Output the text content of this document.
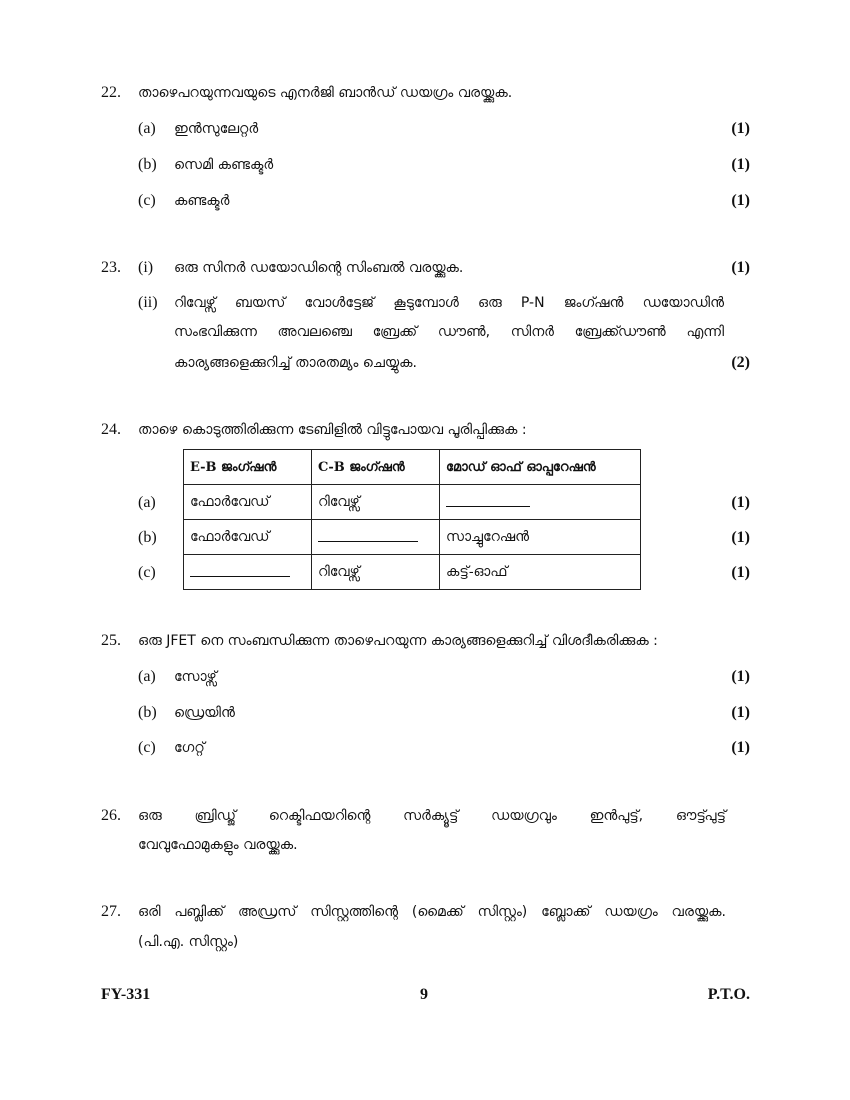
22. താഴെപറയുന്നവയുടെ എനർജി ബാൻഡ് ഡയഗ്രം വരയ്ക്കുക.
(a) ഇൻസുലേറ്റർ	(1)
(b) സെമി കണ്ടക്ടർ	(1)
(c) കണ്ടക്ടർ	(1)
23. (i) ഒരു സിനർ ഡയോഡിന്റെ സിംബൽ വരയ്ക്കുക.	(1)
(ii) റിവേഴ്സ് ബയസ് വോൾട്ടേജ് കൂടുമ്പോൾ ഒരു P-N ജംഗ്ഷൻ ഡയോഡിൻ
സംഭവിക്കുന്ന അവലഞ്ചെ ബ്രേക്ക് ഡൗൺ, സിനർ ബ്രേക്ക്ഡൗൺ എന്നി
കാര്യങ്ങളെക്കുറിച്ച് താരതമ്യം ചെയ്യുക.	(2)
24. താഴെ കൊടുത്തിരിക്കുന്ന ടേബിളിൽ വിട്ടുപോയവ പൂരിപ്പിക്കുക :
E-B ജംഗ്ഷൻ	C-B ജംഗ്ഷൻ	മോഡ് ഓഫ് ഓപ്പറേഷൻ
ഫോർവേഡ്	റിവേഴ്സ്	
ഫോർവേഡ്		സാച്ചുറേഷൻ
	റിവേഴ്സ്	കട്ട്-ഓഫ്
(a)	(1)
(b)	(1)
(c)	(1)
25. ഒരു JFET നെ സംബന്ധിക്കുന്ന താഴെപറയുന്ന കാര്യങ്ങളെക്കുറിച്ച് വിശദീകരിക്കുക :
(a) സോഴ്സ്	(1)
(b) ഡ്രെയിൻ	(1)
(c) ഗേറ്റ്	(1)
26. ഒരു ബ്രിഡ്ജ് റെക്ടിഫയറിന്റെ സർക്യൂട്ട് ഡയഗ്രവും ഇൻപുട്ട്, ഔട്ട്പുട്ട്
വേവുഫോമുകളും വരയ്ക്കുക.
27. ഒരി പബ്ലിക്ക് അഡ്രസ് സിസ്റ്റത്തിന്റെ (മൈക്ക് സിസ്റ്റം) ബ്ലോക്ക് ഡയഗ്രം വരയ്ക്കുക.
(പി.എ. സിസ്റ്റം)
FY-331	9	P.T.O.
